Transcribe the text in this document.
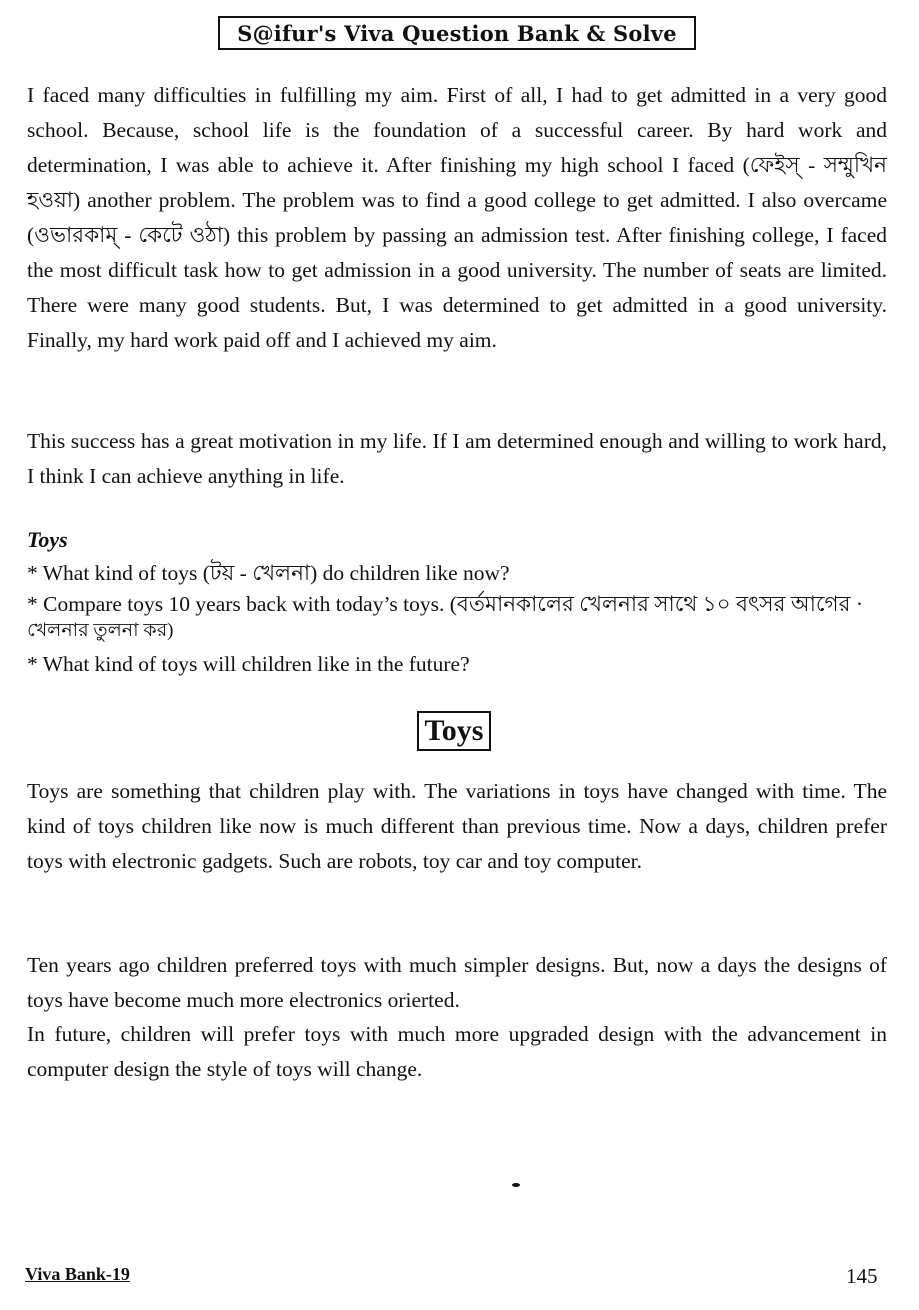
S@ifur's Viva Question Bank & Solve

I faced many difficulties in fulfilling my aim. First of all, I had to get admitted in a very good school. Because, school life is the foundation of a successful career. By hard work and determination, I was able to achieve it. After finishing my high school I faced (ফেইস্ - সম্মুখিন হওয়া) another problem. The problem was to find a good college to get admitted. I also overcame (ওভারকাম্ - কেটে ওঠা) this problem by passing an admission test. After finishing college, I faced the most difficult task how to get admission in a good university. The number of seats are limited. There were many good students. But, I was determined to get admitted in a good university. Finally, my hard work paid off and I achieved my aim.

This success has a great motivation in my life. If I am determined enough and willing to work hard, I think I can achieve anything in life.

Toys

* What kind of toys (টয় - খেলনা) do children like now?

* Compare toys 10 years back with today’s toys. (বর্তমানকালের খেলনার সাথে ১০ বৎসর আগের ·

খেলনার তুলনা কর)

* What kind of toys will children like in the future?

Toys

Toys are something that children play with. The variations in toys have changed with time. The kind of toys children like now is much different than previous time. Now a days, children prefer toys with electronic gadgets. Such are robots, toy car and toy computer.

Ten years ago children preferred toys with much simpler designs. But, now a days the designs of toys have become much more electronics orierted.

In future, children will prefer toys with much more upgraded design with the advancement in computer design the style of toys will change.

Viva Bank-19	145
